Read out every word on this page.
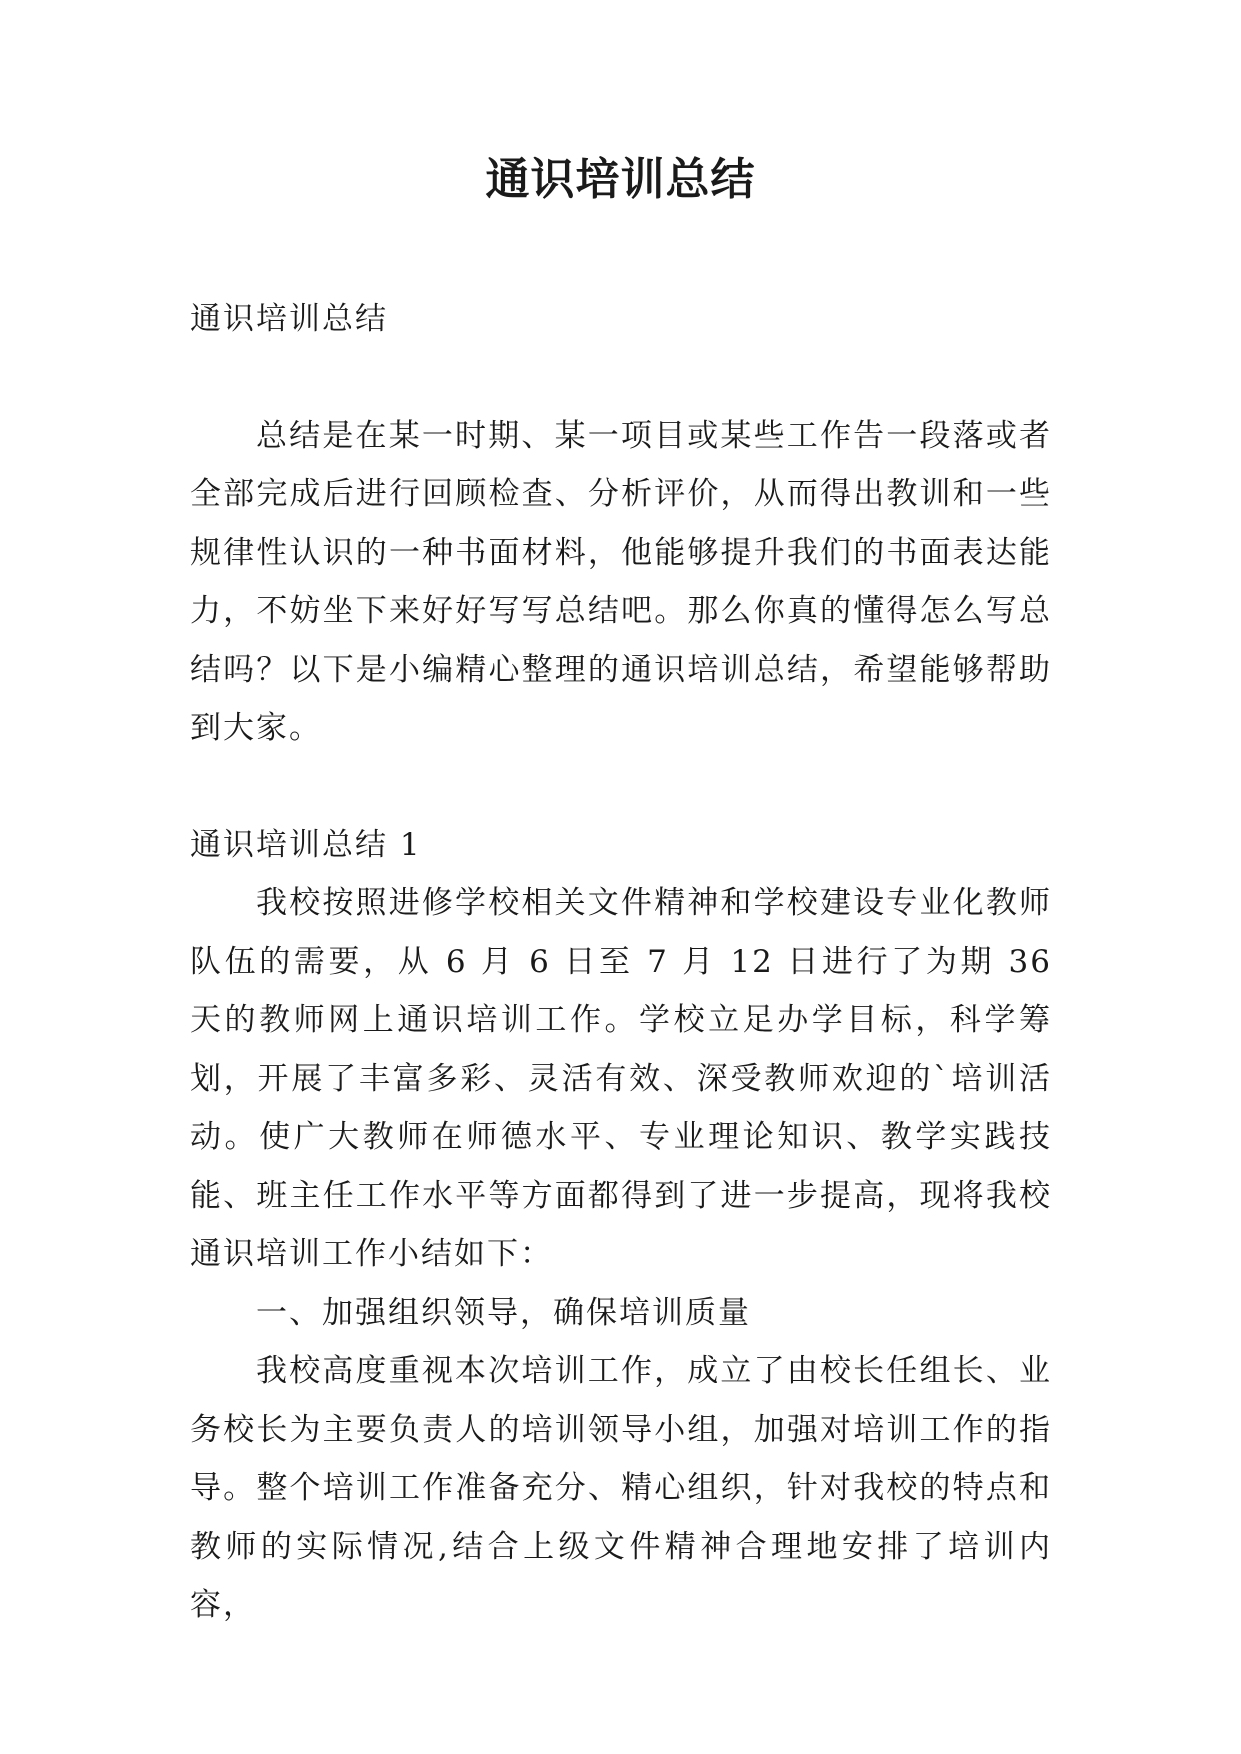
通识培训总结

通识培训总结

总结是在某一时期、某一项目或某些工作告一段落或者全部完成后进行回顾检查、分析评价，从而得出教训和一些规律性认识的一种书面材料，他能够提升我们的书面表达能力，不妨坐下来好好写写总结吧。那么你真的懂得怎么写总结吗？以下是小编精心整理的通识培训总结，希望能够帮助到大家。

通识培训总结 1

我校按照进修学校相关文件精神和学校建设专业化教师队伍的需要，从 6 月 6 日至 7 月 12 日进行了为期 36 天的教师网上通识培训工作。学校立足办学目标，科学筹划，开展了丰富多彩、灵活有效、深受教师欢迎的`培训活动。使广大教师在师德水平、专业理论知识、教学实践技能、班主任工作水平等方面都得到了进一步提高，现将我校通识培训工作小结如下：

一、加强组织领导，确保培训质量

我校高度重视本次培训工作，成立了由校长任组长、业务校长为主要负责人的培训领导小组，加强对培训工作的指导。整个培训工作准备充分、精心组织，针对我校的特点和教师的实际情况,结合上级文件精神合理地安排了培训内容，
